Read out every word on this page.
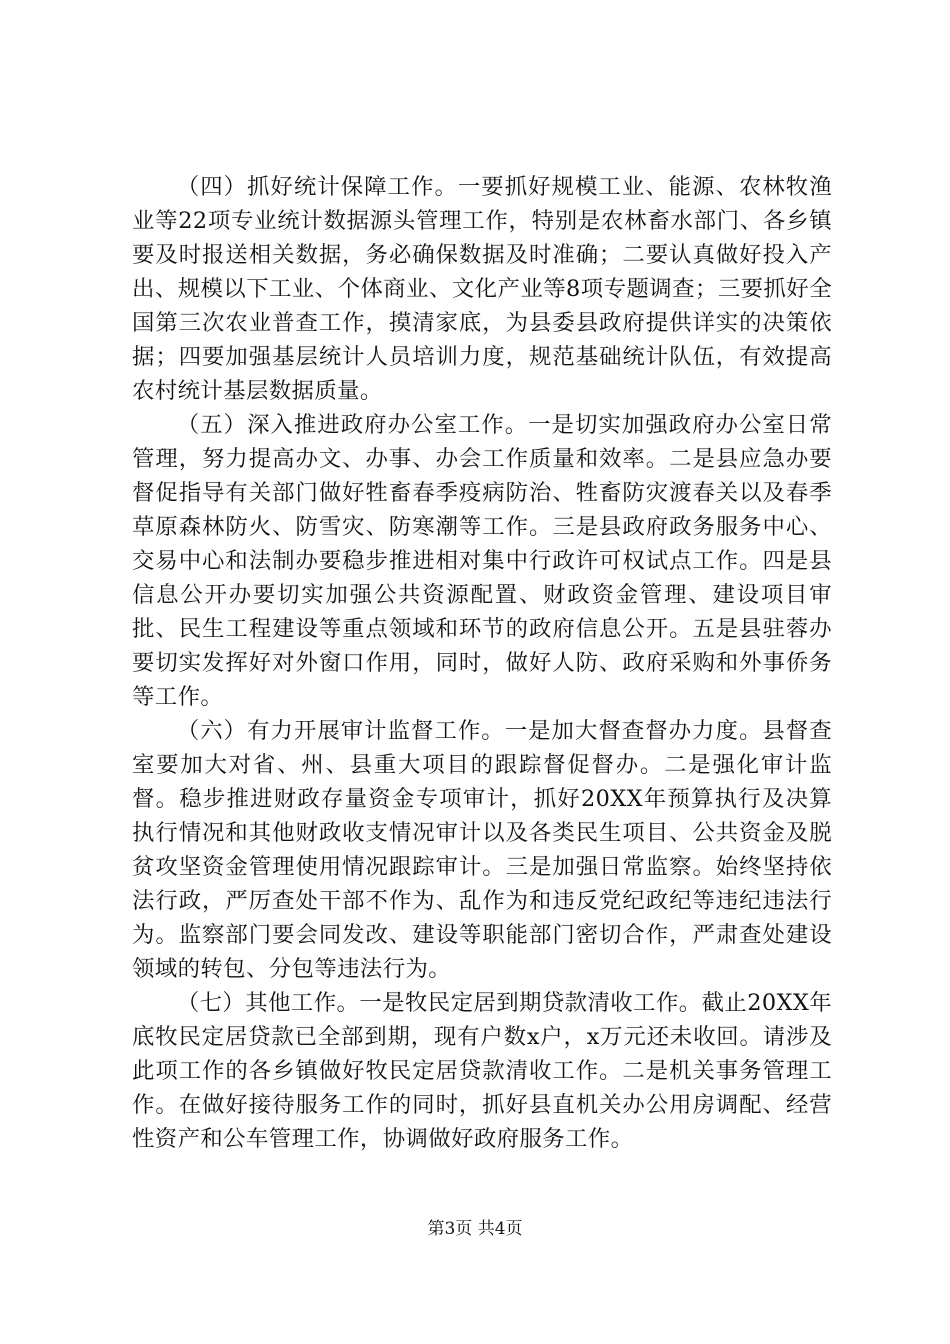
（四）抓好统计保障工作。一要抓好规模工业、能源、农林牧渔业等22项专业统计数据源头管理工作，特别是农林畜水部门、各乡镇要及时报送相关数据，务必确保数据及时准确；二要认真做好投入产出、规模以下工业、个体商业、文化产业等8项专题调查；三要抓好全国第三次农业普查工作，摸清家底，为县委县政府提供详实的决策依据；四要加强基层统计人员培训力度，规范基础统计队伍，有效提高农村统计基层数据质量。

（五）深入推进政府办公室工作。一是切实加强政府办公室日常管理，努力提高办文、办事、办会工作质量和效率。二是县应急办要督促指导有关部门做好牲畜春季疫病防治、牲畜防灾渡春关以及春季草原森林防火、防雪灾、防寒潮等工作。三是县政府政务服务中心、交易中心和法制办要稳步推进相对集中行政许可权试点工作。四是县信息公开办要切实加强公共资源配置、财政资金管理、建设项目审批、民生工程建设等重点领域和环节的政府信息公开。五是县驻蓉办要切实发挥好对外窗口作用，同时，做好人防、政府采购和外事侨务等工作。

（六）有力开展审计监督工作。一是加大督查督办力度。县督查室要加大对省、州、县重大项目的跟踪督促督办。二是强化审计监督。稳步推进财政存量资金专项审计，抓好20XX年预算执行及决算执行情况和其他财政收支情况审计以及各类民生项目、公共资金及脱贫攻坚资金管理使用情况跟踪审计。三是加强日常监察。始终坚持依法行政，严厉查处干部不作为、乱作为和违反党纪政纪等违纪违法行为。监察部门要会同发改、建设等职能部门密切合作，严肃查处建设领域的转包、分包等违法行为。

（七）其他工作。一是牧民定居到期贷款清收工作。截止20XX年底牧民定居贷款已全部到期，现有户数x户，x万元还未收回。请涉及此项工作的各乡镇做好牧民定居贷款清收工作。二是机关事务管理工作。在做好接待服务工作的同时，抓好县直机关办公用房调配、经营性资产和公车管理工作，协调做好政府服务工作。

第3页 共4页
